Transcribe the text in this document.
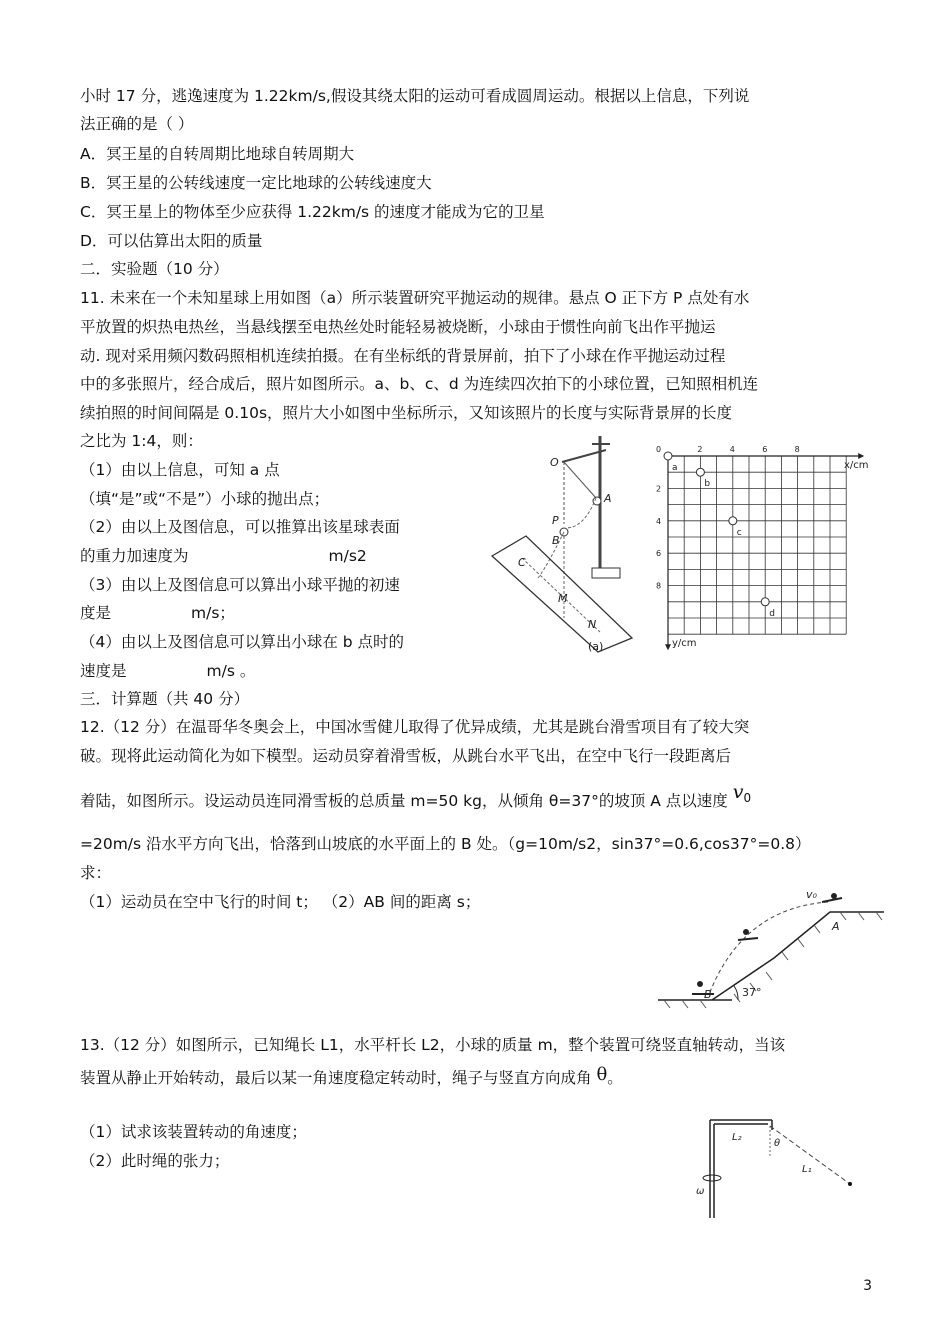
小时 17 分，逃逸速度为 1.22km/s,假设其绕太阳的运动可看成圆周运动。根据以上信息，下列说
法正确的是（ ）
A．冥王星的自转周期比地球自转周期大
B．冥王星的公转线速度一定比地球的公转线速度大
C．冥王星上的物体至少应获得 1.22km/s 的速度才能成为它的卫星
D．可以估算出太阳的质量
二．实验题（10 分）
11. 未来在一个未知星球上用如图（a）所示装置研究平抛运动的规律。悬点 O 正下方 P 点处有水
平放置的炽热电热丝，当悬线摆至电热丝处时能轻易被烧断，小球由于惯性向前飞出作平抛运
动. 现对采用频闪数码照相机连续拍摄。在有坐标纸的背景屏前，拍下了小球在作平抛运动过程
中的多张照片，经合成后，照片如图所示。a、b、c、d 为连续四次拍下的小球位置，已知照相机连
续拍照的时间间隔是 0.10s，照片大小如图中坐标所示，又知该照片的长度与实际背景屏的长度
之比为 1:4，则：
（1）由以上信息，可知 a 点
（填“是”或“不是”）小球的抛出点；
（2）由以上及图信息，可以推算出该星球表面
的重力加速度为	m/s2
（3）由以上及图信息可以算出小球平抛的初速
度是	m/s；
（4）由以上及图信息可以算出小球在 b 点时的
速度是	m/s 。
O
A
P
B
C
M
N
(a)
0	2	4	6	8
2
4
6
8
a
b
c
d
x/cm
y/cm
三．计算题（共 40 分）
12.（12 分）在温哥华冬奥会上，中国冰雪健儿取得了优异成绩，尤其是跳台滑雪项目有了较大突
破。现将此运动简化为如下模型。运动员穿着滑雪板，从跳台水平飞出，在空中飞行一段距离后
着陆，如图所示。设运动员连同滑雪板的总质量 m=50 kg，从倾角 θ=37°的坡顶 A 点以速度 $v^0$
=20m/s 沿水平方向飞出，恰落到山坡底的水平面上的 B 处。（g=10m/s2，sin37°=0.6,cos37°=0.8）
求：
（1）运动员在空中飞行的时间 t； （2）AB 间的距离 s；	v₀
A
B	37°
13.（12 分）如图所示，已知绳长 L1，水平杆长 L2，小球的质量 m，整个装置可绕竖直轴转动，当该
装置从静止开始转动，最后以某一角速度稳定转动时，绳子与竖直方向成角 θ。
（1）试求该装置转动的角速度；
（2）此时绳的张力；
L₂
θ
L₁
ω
3
